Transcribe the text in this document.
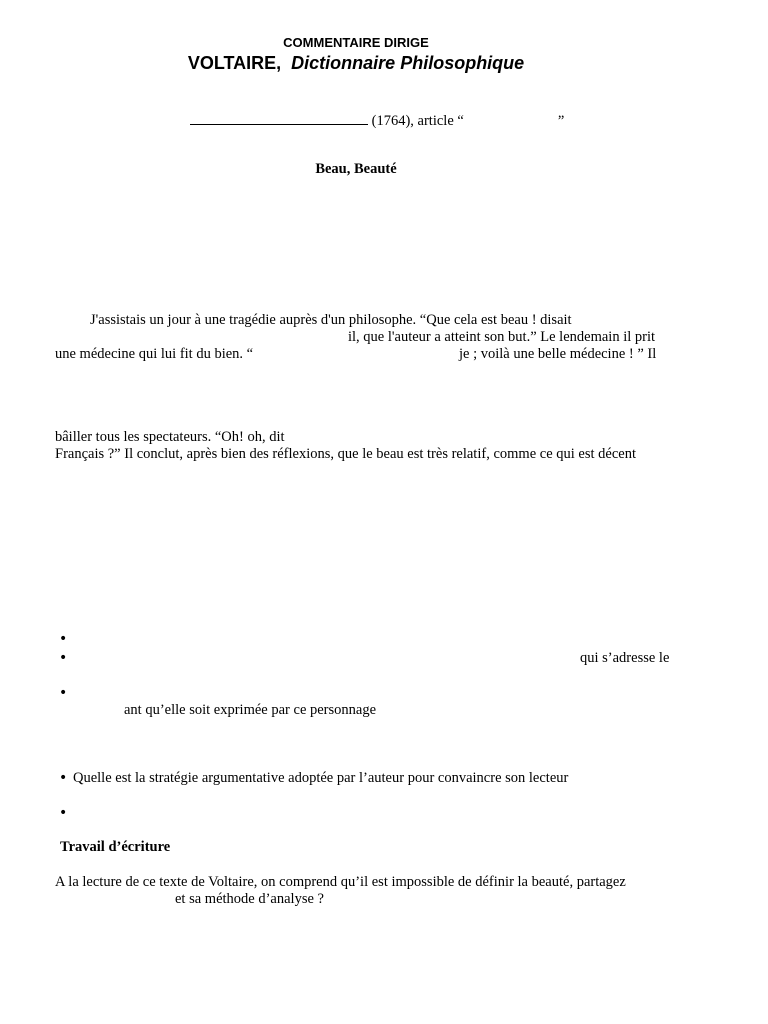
COMMENTAIRE DIRIGE
VOLTAIRE, Dictionnaire Philosophique
(1764), article “	”
Beau, Beauté
J'assistais un jour à une tragédie auprès d'un philosophe. “Que cela est beau ! disait
il, que l'auteur a atteint son but.” Le lendemain il prit
une médecine qui lui fit du bien. “	je ; voilà une belle médecine ! ” Il
bâiller tous les spectateurs. “Oh! oh, dit
Français ?” Il conclut, après bien des réflexions, que le beau est très relatif, comme ce qui est décent
•
•	qui s’adresse le
•
ant qu’elle soit exprimée par ce personnage
• Quelle est la stratégie argumentative adoptée par l’auteur pour convaincre son lecteur
•
Travail d’écriture
A la lecture de ce texte de Voltaire, on comprend qu’il est impossible de définir la beauté, partagez
et sa méthode d’analyse ?
